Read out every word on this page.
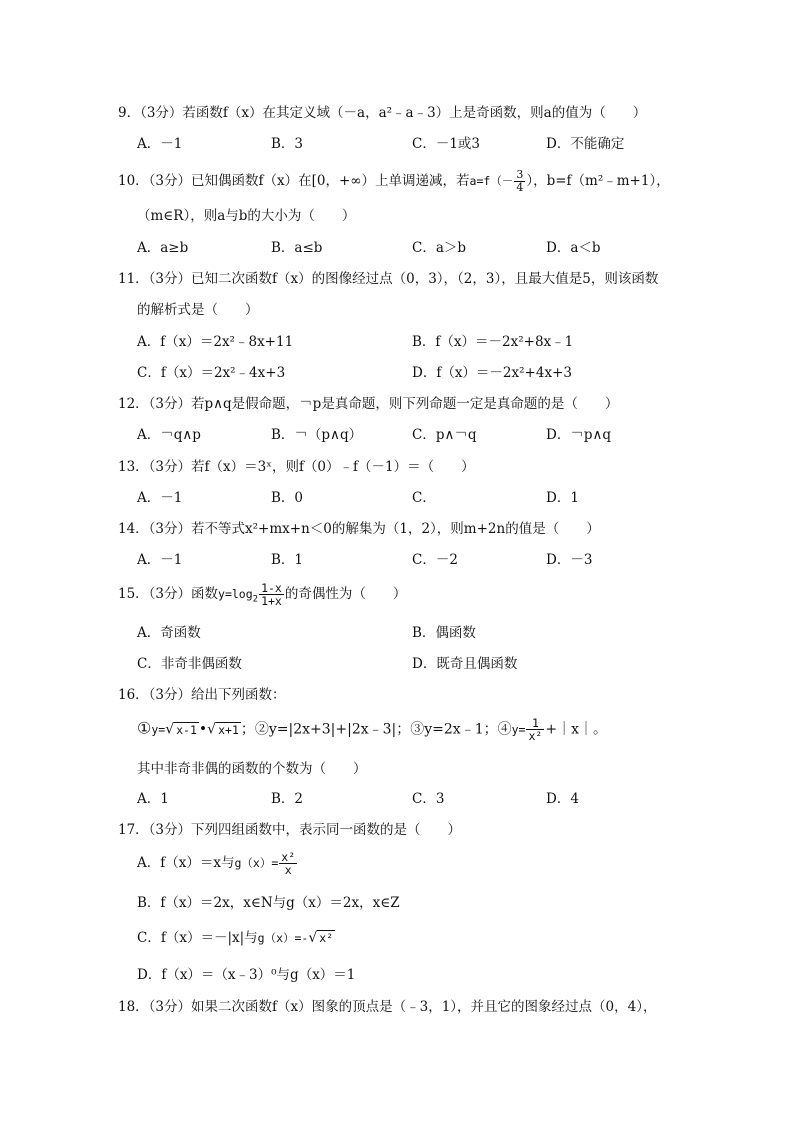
9．（3分）若函数f（x）在其定义域（－a，a²﹣a﹣3）上是奇函数，则a的值为（　　）
A．－1	B．3	C．－1或3	D．不能确定
10．（3分）已知偶函数f（x）在[0，+∞）上单调递减，若$a=f(- \frac{3}{4}$ ），b=f（m²﹣m+1），
（m∈R），则a与b的大小为（　　）
A．a≥b	B．a≤b	C．a＞b	D．a＜b
11．（3分）已知二次函数f（x）的图像经过点（0，3），（2，3），且最大值是5，则该函数
的解析式是（　　）
A．f（x）＝2x²﹣8x+11	B．f（x）＝－2x²+8x﹣1
C．f（x）＝2x²﹣4x+3	D．f（x）＝－2x²+4x+3
12．（3分）若p∧q是假命题，￢p是真命题，则下列命题一定是真命题的是（　　）
A．￢q∧p	B．￢（p∧q）	C．p∧￢q	D．￢p∧q
13．（3分）若f（x）＝3ˣ，则f（0）﹣f（－1）＝（　　）
A．－1	B．0	C．	D．1
14．（3分）若不等式x²+mx+n＜0的解集为（1，2），则m+2n的值是（　　）
A．－1	B．1	C．－2	D．－3
15．（3分）函数$y=\log_2 \frac{1-x}{1+x}$ 的奇偶性为（　　）
A．奇函数	B．偶函数
C．非奇非偶函数	D．既奇且偶函数
16．（3分）给出下列函数：
①y=√ x-1 •√ x+1 ；②y=|2x+3|+|2x﹣3|；③y=2x﹣1；④y= $\frac{1}{\text{x²}}$ +｜x｜。
其中非奇非偶的函数的个数为（　　）
A．1	B．2	C．3	D．4
17．（3分）下列四组函数中，表示同一函数的是（　　）
A．f（x）＝x与$g(x)= \frac{\text{x²}}{x}$
B．f（x）＝2x，x∈N与g（x）＝2x，x∈Z
C．f（x）＝－|x|与g（x）=-√ x²
D．f（x）＝（x﹣3）⁰与g（x）＝1
18．（3分）如果二次函数f（x）图象的顶点是（﹣3，1），并且它的图象经过点（0，4），
